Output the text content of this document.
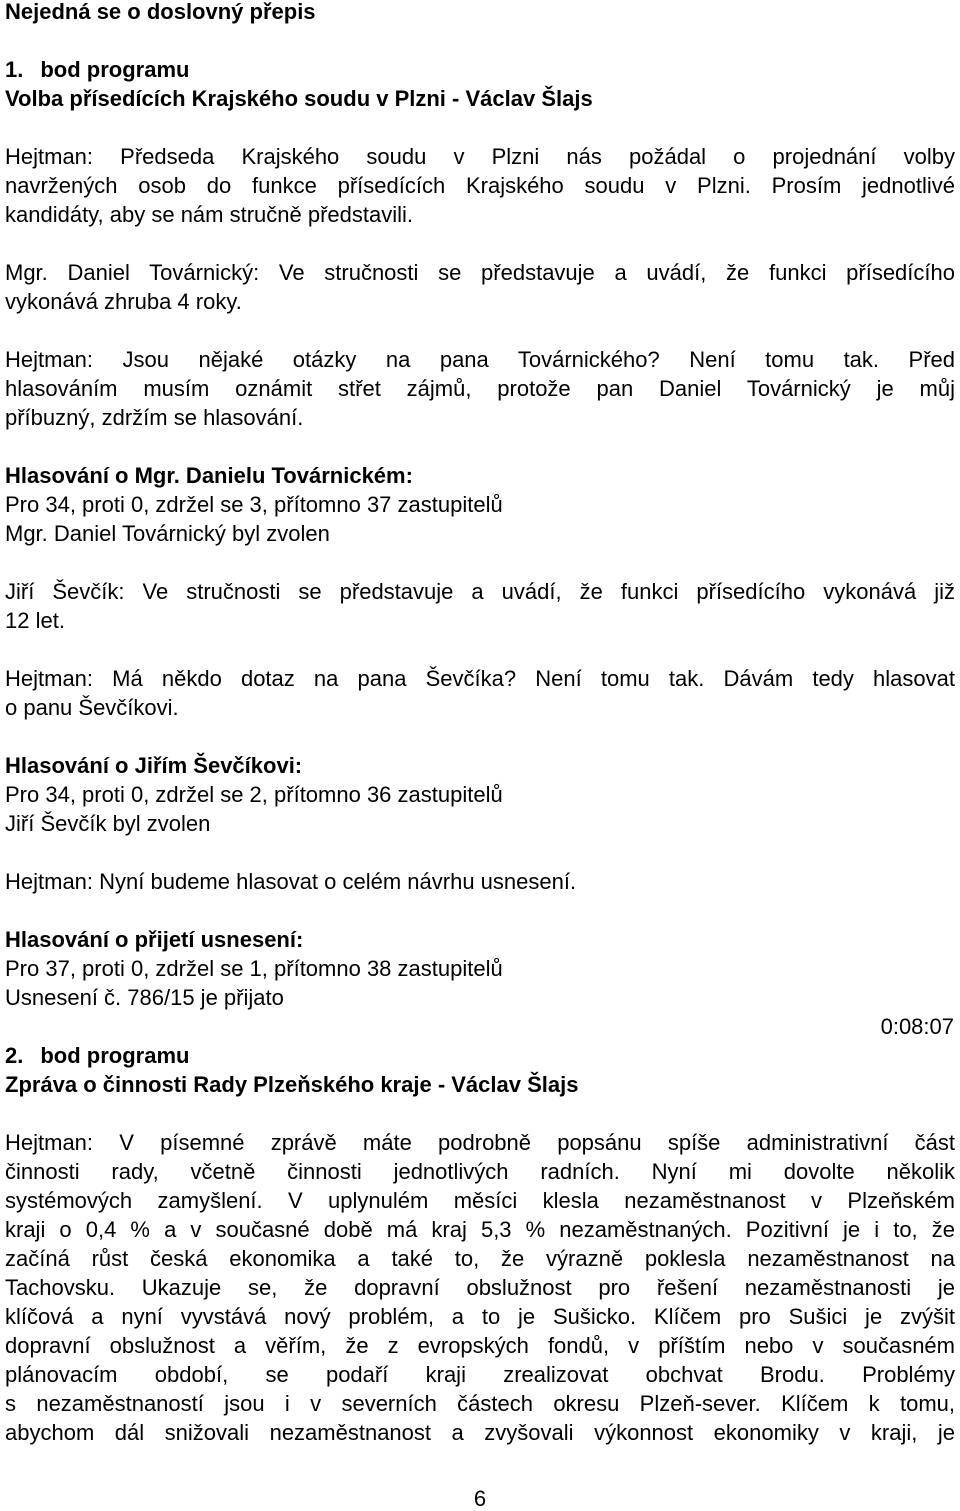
Nejedná se o doslovný přepis
1. bod programu
Volba přísedících Krajského soudu v Plzni - Václav Šlajs
Hejtman: Předseda Krajského soudu v Plzni nás požádal o projednání volby
navržených osob do funkce přísedících Krajského soudu v Plzni. Prosím jednotlivé
kandidáty, aby se nám stručně představili.
Mgr. Daniel Továrnický: Ve stručnosti se představuje a uvádí, že funkci přísedícího
vykonává zhruba 4 roky.
Hejtman: Jsou nějaké otázky na pana Továrnického? Není tomu tak. Před
hlasováním musím oznámit střet zájmů, protože pan Daniel Továrnický je můj
příbuzný, zdržím se hlasování.
Hlasování o Mgr. Danielu Továrnickém:
Pro 34, proti 0, zdržel se 3, přítomno 37 zastupitelů
Mgr. Daniel Továrnický byl zvolen
Jiří Ševčík: Ve stručnosti se představuje a uvádí, že funkci přísedícího vykonává již
12 let.
Hejtman: Má někdo dotaz na pana Ševčíka? Není tomu tak. Dávám tedy hlasovat
o panu Ševčíkovi.
Hlasování o Jiřím Ševčíkovi:
Pro 34, proti 0, zdržel se 2, přítomno 36 zastupitelů
Jiří Ševčík byl zvolen
Hejtman: Nyní budeme hlasovat o celém návrhu usnesení.
Hlasování o přijetí usnesení:
Pro 37, proti 0, zdržel se 1, přítomno 38 zastupitelů
Usnesení č. 786/15 je přijato
0:08:07
2. bod programu
Zpráva o činnosti Rady Plzeňského kraje - Václav Šlajs
Hejtman: V písemné zprávě máte podrobně popsánu spíše administrativní část
činnosti rady, včetně činnosti jednotlivých radních. Nyní mi dovolte několik
systémových zamyšlení. V uplynulém měsíci klesla nezaměstnanost v Plzeňském
kraji o 0,4 % a v současné době má kraj 5,3 % nezaměstnaných. Pozitivní je i to, že
začíná růst česká ekonomika a také to, že výrazně poklesla nezaměstnanost na
Tachovsku. Ukazuje se, že dopravní obslužnost pro řešení nezaměstnanosti je
klíčová a nyní vyvstává nový problém, a to je Sušicko. Klíčem pro Sušici je zvýšit
dopravní obslužnost a věřím, že z evropských fondů, v příštím nebo v současném
plánovacím období, se podaří kraji zrealizovat obchvat Brodu. Problémy
s nezaměstnaností jsou i v severních částech okresu Plzeň-sever. Klíčem k tomu,
abychom dál snižovali nezaměstnanost a zvyšovali výkonnost ekonomiky v kraji, je
6
